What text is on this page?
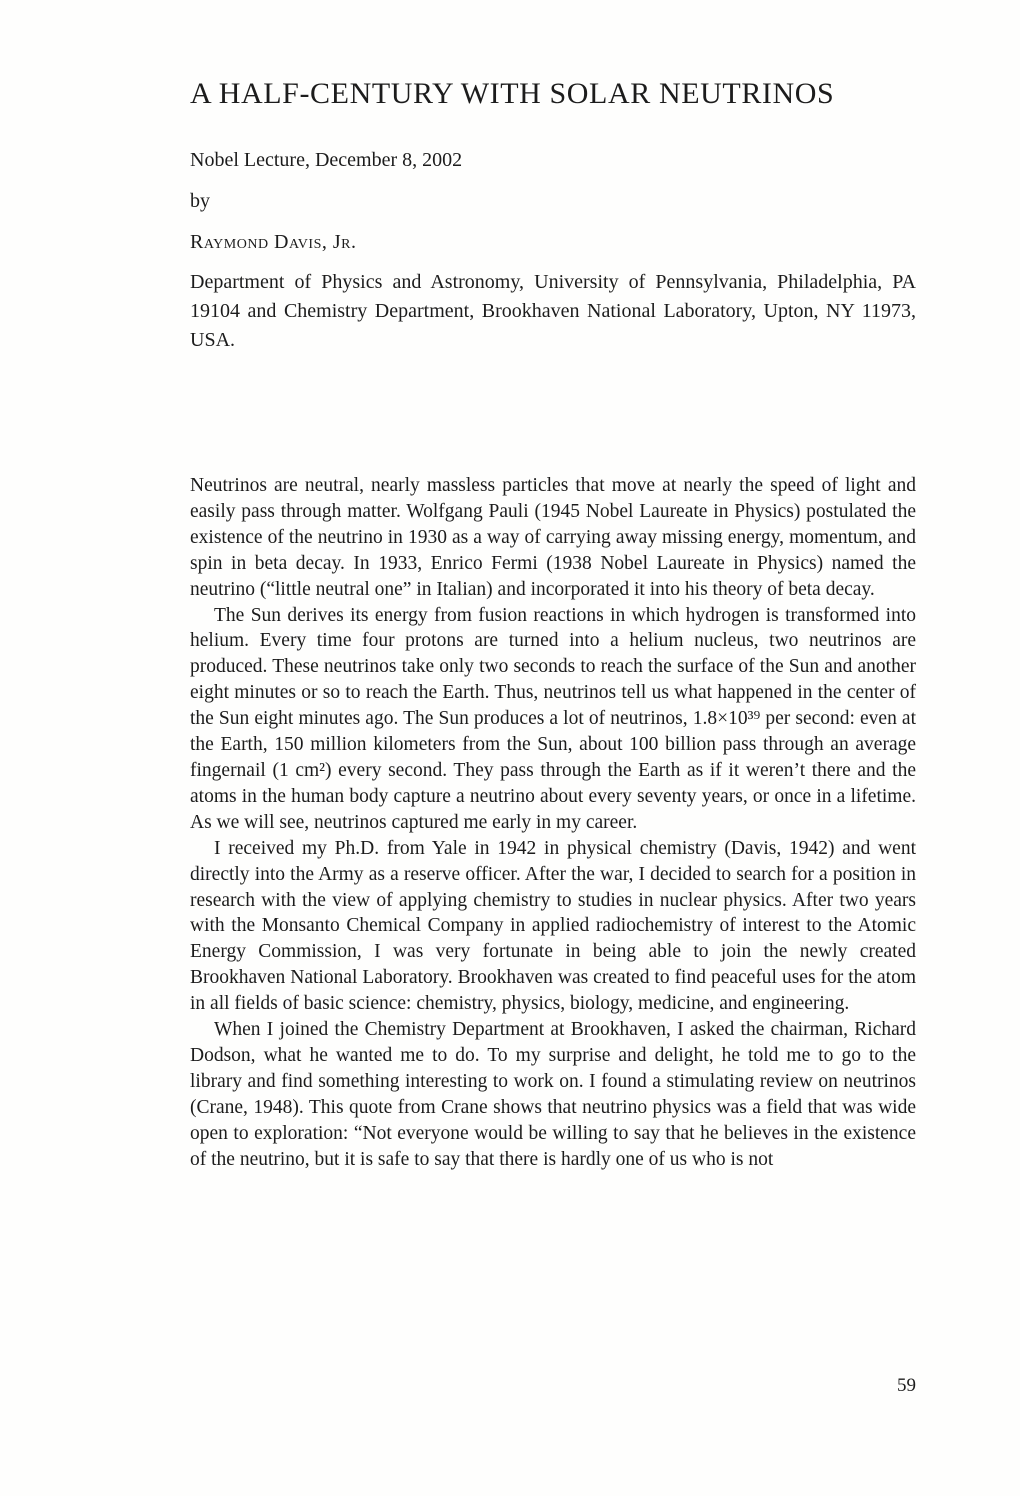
A HALF-CENTURY WITH SOLAR NEUTRINOS
Nobel Lecture, December 8, 2002
by
Raymond Davis, Jr.
Department of Physics and Astronomy, University of Pennsylvania, Philadelphia, PA 19104 and Chemistry Department, Brookhaven National Laboratory, Upton, NY 11973, USA.

Neutrinos are neutral, nearly massless particles that move at nearly the speed of light and easily pass through matter. Wolfgang Pauli (1945 Nobel Laureate in Physics) postulated the existence of the neutrino in 1930 as a way of carrying away missing energy, momentum, and spin in beta decay. In 1933, Enrico Fermi (1938 Nobel Laureate in Physics) named the neutrino (“little neutral one” in Italian) and incorporated it into his theory of beta decay.

The Sun derives its energy from fusion reactions in which hydrogen is transformed into helium. Every time four protons are turned into a helium nucleus, two neutrinos are produced. These neutrinos take only two seconds to reach the surface of the Sun and another eight minutes or so to reach the Earth. Thus, neutrinos tell us what happened in the center of the Sun eight minutes ago. The Sun produces a lot of neutrinos, 1.8×10³⁹ per second: even at the Earth, 150 million kilometers from the Sun, about 100 billion pass through an average fingernail (1 cm²) every second. They pass through the Earth as if it weren’t there and the atoms in the human body capture a neutrino about every seventy years, or once in a lifetime. As we will see, neutrinos captured me early in my career.

I received my Ph.D. from Yale in 1942 in physical chemistry (Davis, 1942) and went directly into the Army as a reserve officer. After the war, I decided to search for a position in research with the view of applying chemistry to studies in nuclear physics. After two years with the Monsanto Chemical Company in applied radiochemistry of interest to the Atomic Energy Commission, I was very fortunate in being able to join the newly created Brookhaven National Laboratory. Brookhaven was created to find peaceful uses for the atom in all fields of basic science: chemistry, physics, biology, medicine, and engineering.

When I joined the Chemistry Department at Brookhaven, I asked the chairman, Richard Dodson, what he wanted me to do. To my surprise and delight, he told me to go to the library and find something interesting to work on. I found a stimulating review on neutrinos (Crane, 1948). This quote from Crane shows that neutrino physics was a field that was wide open to exploration: “Not everyone would be willing to say that he believes in the existence of the neutrino, but it is safe to say that there is hardly one of us who is not

59
